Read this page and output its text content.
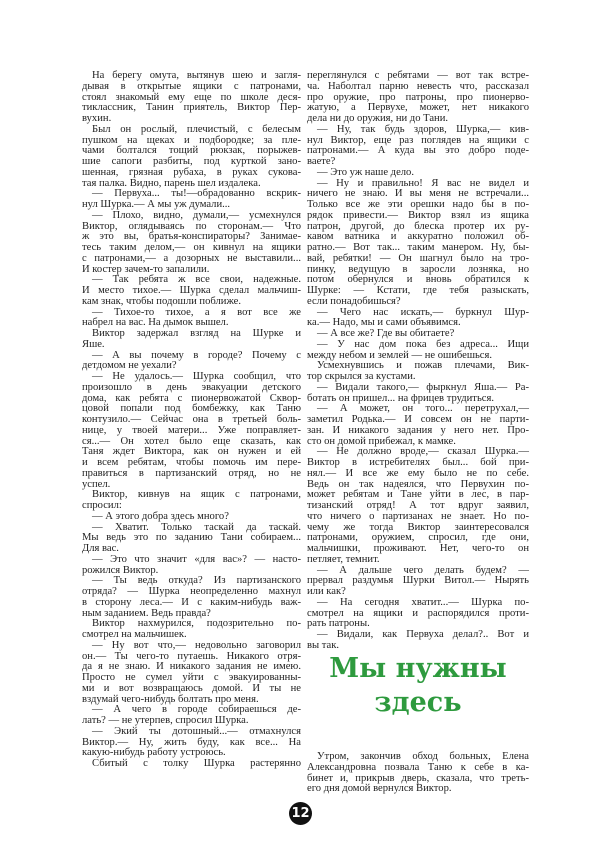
На берегу омута, вытянув шею и загля-
дывая в открытые ящики с патронами,
стоял знакомый ему еще по школе деся-
тиклассник, Танин приятель, Виктор Пер-
вухин.
Был он рослый, плечистый, с белесым
пушком на щеках и подбородке; за пле-
чами болтался тощий рюкзак, порыжев-
шие сапоги разбиты, под курткой зано-
шенная, грязная рубаха, в руках сукова-
тая палка. Видно, парень шел издалека.
— Первуха... ты!—обрадованно вскрик-
нул Шурка.— А мы уж думали...
— Плохо, видно, думали,— усмехнулся
Виктор, оглядываясь по сторонам.— Что
ж это вы, братья-конспираторы? Занимае-
тесь таким делом,— он кивнул на ящики
с патронами,— а дозорных не выставили...
И костер зачем-то запалили.
— Так ребята ж все свои, надежные.
И место тихое.— Шурка сделал мальчиш-
кам знак, чтобы подошли поближе.
— Тихое-то тихое, а я вот все же
набрел на вас. На дымок вышел.
Виктор задержал взгляд на Шурке и
Яше.
— А вы почему в городе? Почему с
детдомом не уехали?
— Не удалось.— Шурка сообщил, что
произошло в день эвакуации детского
дома, как ребята с пионервожатой Сквор-
цовой попали под бомбежку, как Таню
контузило.— Сейчас она в третьей боль-
нице, у твоей матери... Уже поправляет-
ся...— Он хотел было еще сказать, как
Таня ждет Виктора, как он нужен и ей
и всем ребятам, чтобы помочь им пере-
правиться в партизанский отряд, но не
успел.
Виктор, кивнув на ящик с патронами,
спросил:
— А этого добра здесь много?
— Хватит. Только таскай да таскай.
Мы ведь это по заданию Тани собираем...
Для вас.
— Это что значит «для вас»? — насто-
рожился Виктор.
— Ты ведь откуда? Из партизанского
отряда? — Шурка неопределенно махнул
в сторону леса.— И с каким-нибудь важ-
ным заданием. Ведь правда?
Виктор нахмурился, подозрительно по-
смотрел на мальчишек.
— Ну вот что,— недовольно заговорил
он.— Ты чего-то путаешь. Никакого отря-
да я не знаю. И никакого задания не имею.
Просто не сумел уйти с эвакуированны-
ми и вот возвращаюсь домой. И ты не
вздумай чего-нибудь болтать про меня.
— А чего в городе собираешься де-
лать? — не утерпев, спросил Шурка.
— Экий ты дотошный...— отмахнулся
Виктор.— Ну, жить буду, как все... На
какую-нибудь работу устроюсь.
Сбитый с толку Шурка растерянно
переглянулся с ребятами — вот так встре-
ча. Наболтал парню невесть что, рассказал
про оружие, про патроны, про пионерво-
жатую, а Первухе, может, нет никакого
дела ни до оружия, ни до Тани.
— Ну, так будь здоров, Шурка,— кив-
нул Виктор, еще раз поглядев на ящики с
патронами.— А куда вы это добро поде-
ваете?
— Это уж наше дело.
— Ну и правильно! Я вас не видел и
ничего не знаю. И вы меня не встречали...
Только все же эти орешки надо бы в по-
рядок привести.— Виктор взял из ящика
патрон, другой, до блеска протер их ру-
кавом ватника и аккуратно положил об-
ратно.— Вот так... таким манером. Ну, бы-
вай, ребятки! — Он шагнул было на тро-
пинку, ведущую в заросли лозняка, но
потом обернулся и вновь обратился к
Шурке: — Кстати, где тебя разыскать,
если понадобишься?
— Чего нас искать,— буркнул Шур-
ка.— Надо, мы и сами объявимся.
— А все же? Где вы обитаете?
— У нас дом пока без адреса... Ищи
между небом и землей — не ошибешься.
Усмехнувшись и пожав плечами, Вик-
тор скрылся за кустами.
— Видали такого,— фыркнул Яша.— Ра-
ботать он пришел... на фрицев трудиться.
— А может, он того... перетрухал,—
заметил Родька.— И совсем он не парти-
зан. И никакого задания у него нет. Про-
сто он домой прибежал, к мамке.
— Не должно вроде,— сказал Шурка.—
Виктор в истребителях был... бой при-
нял.— И все же ему было не по себе.
Ведь он так надеялся, что Первухин по-
может ребятам и Тане уйти в лес, в пар-
тизанский отряд! А тот вдруг заявил,
что ничего о партизанах не знает. Но по-
чему же тогда Виктор заинтересовался
патронами, оружием, спросил, где они,
мальчишки, проживают. Нет, чего-то он
петляет, темнит.
— А дальше чего делать будем? —
прервал раздумья Шурки Витол.— Нырять
или как?
— На сегодня хватит...— Шурка по-
смотрел на ящики и распорядился проти-
рать патроны.
— Видали, как Первуха делал?.. Вот и
вы так.
Мы нужны
здесь
Утром, закончив обход больных, Елена
Александровна позвала Таню к себе в ка-
бинет и, прикрыв дверь, сказала, что треть-
его дня домой вернулся Виктор.
12
